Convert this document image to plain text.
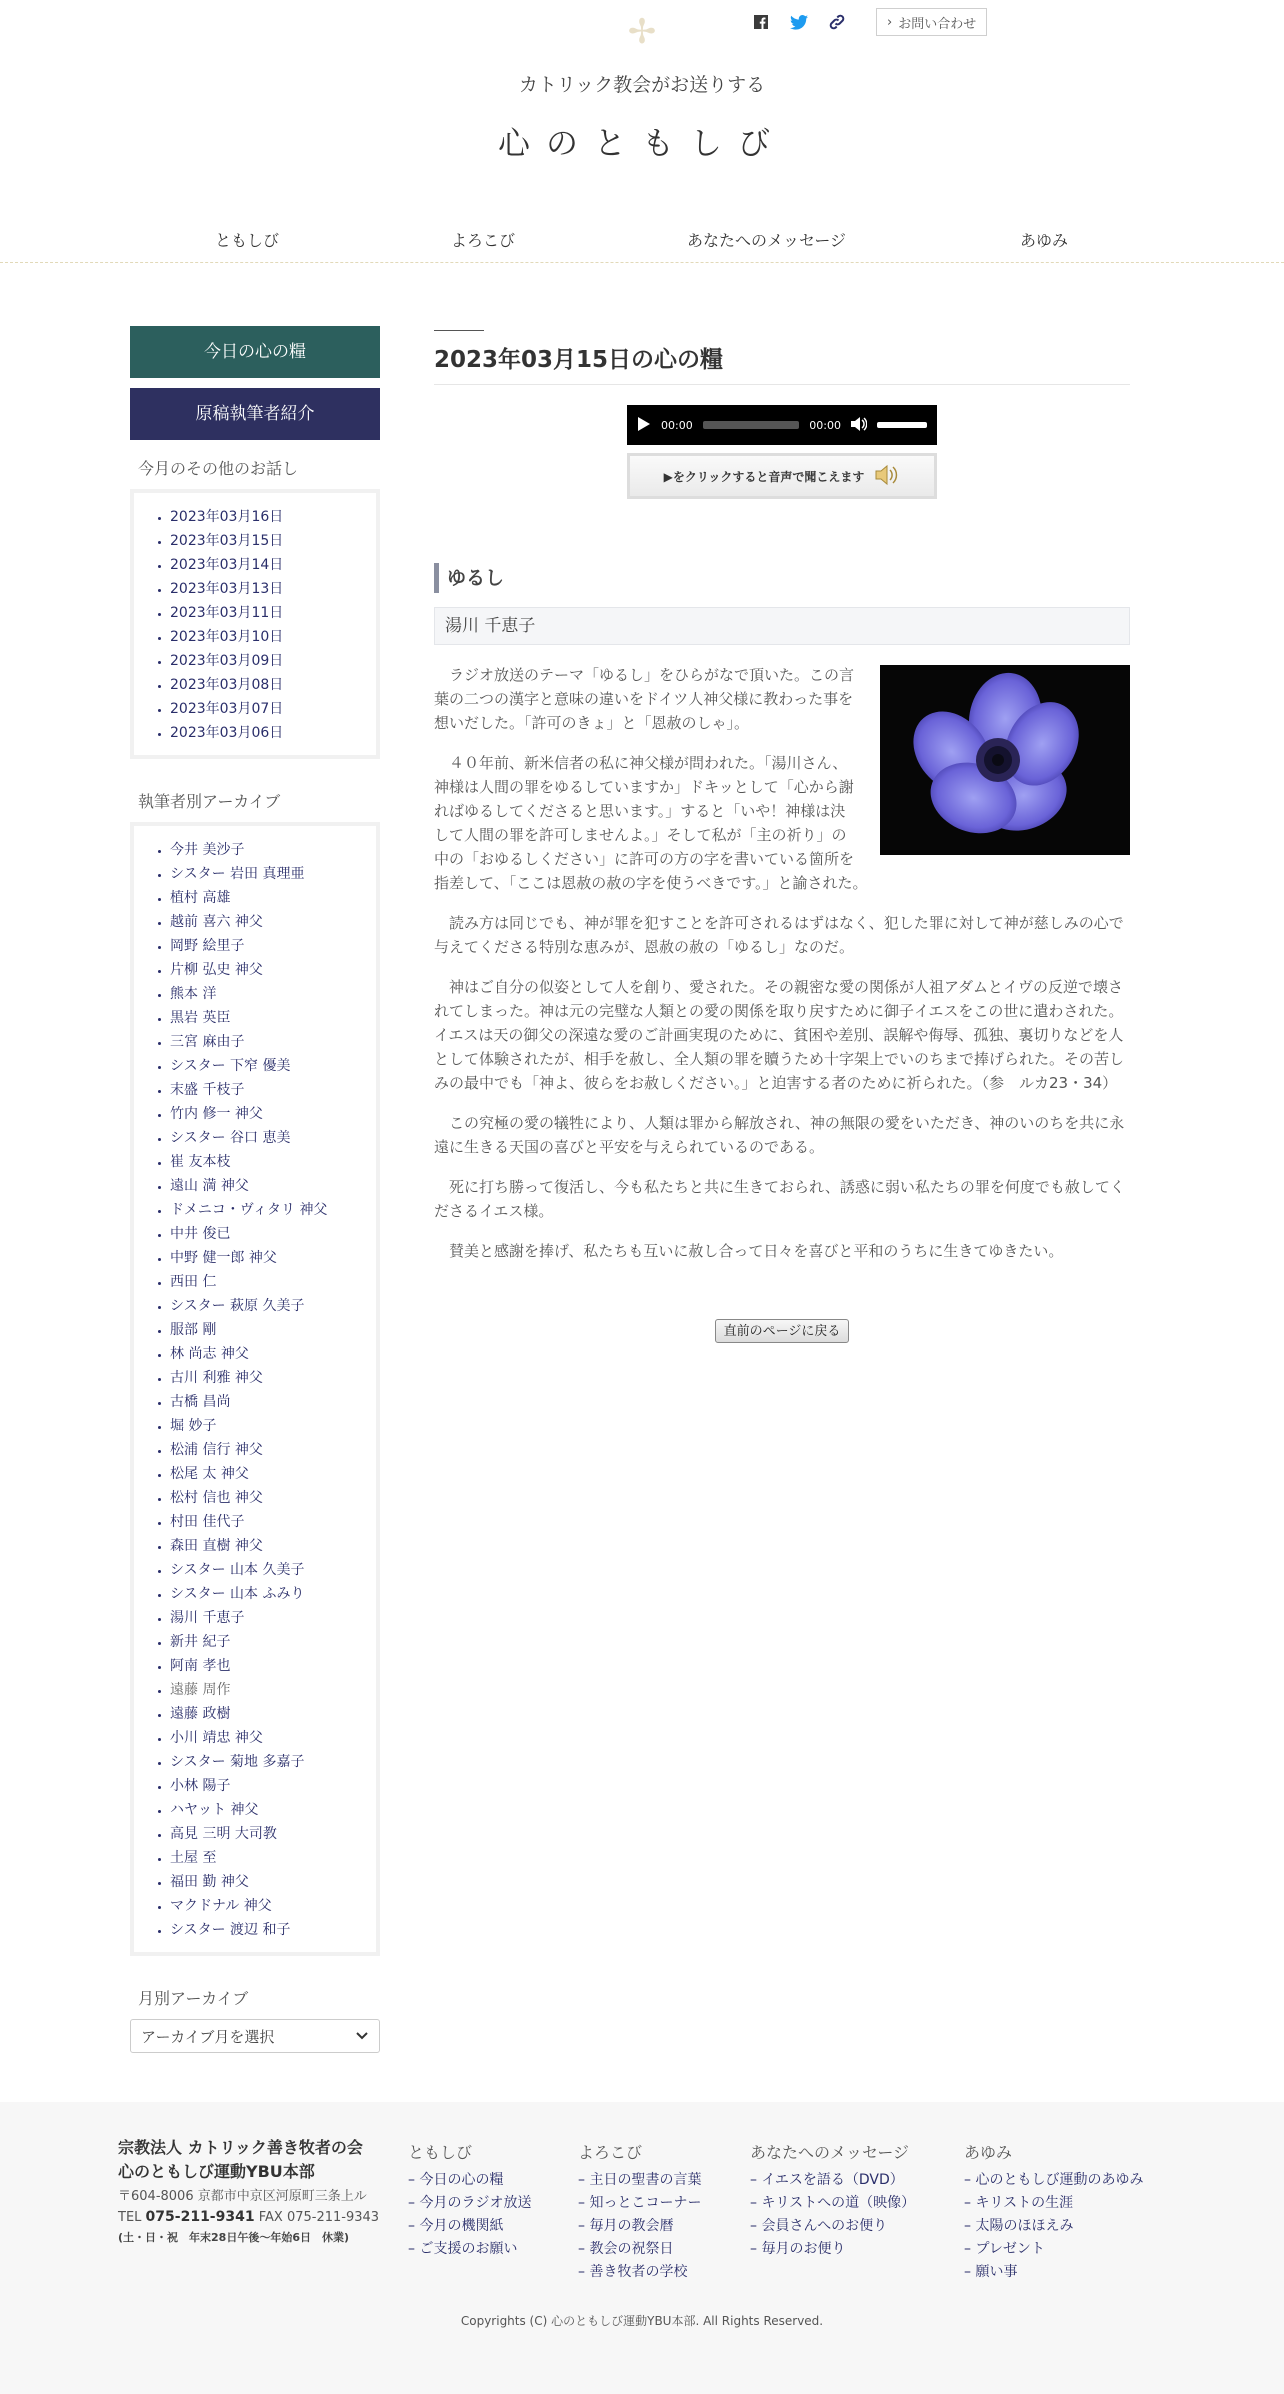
✢	› お問い合わせ
カトリック教会がお送りする
心のともしび
ともしび	よろこび	あなたへのメッセージ	あゆみ
今日の心の糧
原稿執筆者紹介
今月のその他のお話し
• 2023年03月16日
• 2023年03月15日
• 2023年03月14日
• 2023年03月13日
• 2023年03月11日
• 2023年03月10日
• 2023年03月09日
• 2023年03月08日
• 2023年03月07日
• 2023年03月06日
執筆者別アーカイブ
• 今井 美沙子
• シスター 岩田 真理亜
• 植村 高雄
• 越前 喜六 神父
• 岡野 絵里子
• 片柳 弘史 神父
• 熊本 洋
• 黒岩 英臣
• 三宮 麻由子
• シスター 下窄 優美
• 末盛 千枝子
• 竹内 修一 神父
• シスター 谷口 恵美
• 崔 友本枝
• 遠山 満 神父
• ドメニコ・ヴィタリ 神父
• 中井 俊已
• 中野 健一郎 神父
• 西田 仁
• シスター 萩原 久美子
• 服部 剛
• 林 尚志 神父
• 古川 利雅 神父
• 古橋 昌尚
• 堀 妙子
• 松浦 信行 神父
• 松尾 太 神父
• 松村 信也 神父
• 村田 佳代子
• 森田 直樹 神父
• シスター 山本 久美子
• シスター 山本 ふみり
• 湯川 千恵子
• 新井 紀子
• 阿南 孝也
• 遠藤 周作
• 遠藤 政樹
• 小川 靖忠 神父
• シスター 菊地 多嘉子
• 小林 陽子
• ハヤット 神父
• 高見 三明 大司教
• 土屋 至
• 福田 勤 神父
• マクドナル 神父
• シスター 渡辺 和子
月別アーカイブ
アーカイブ月を選択
2023年03月15日の心の糧
00:00	00:00
▶をクリックすると音声で聞こえます
ゆるし
湯川 千恵子

ラジオ放送のテーマ「ゆるし」をひらがなで頂いた。この言葉の二つの漢字と意味の違いをドイツ人神父様に教わった事を想いだした。「許可のきょ」と「恩赦のしゃ」。

４０年前、新米信者の私に神父様が問われた。「湯川さん、神様は人間の罪をゆるしていますか」ドキッとして「心から謝ればゆるしてくださると思います。」すると「いや！神様は決して人間の罪を許可しませんよ。」そして私が「主の祈り」の中の「おゆるしください」に許可の方の字を書いている箇所を指差して、「ここは恩赦の赦の字を使うべきです。」と諭された。

読み方は同じでも、神が罪を犯すことを許可されるはずはなく、犯した罪に対して神が慈しみの心で与えてくださる特別な恵みが、恩赦の赦の「ゆるし」なのだ。

神はご自分の似姿として人を創り、愛された。その親密な愛の関係が人祖アダムとイヴの反逆で壊されてしまった。神は元の完璧な人類との愛の関係を取り戻すために御子イエスをこの世に遣わされた。イエスは天の御父の深遠な愛のご計画実現のために、貧困や差別、誤解や侮辱、孤独、裏切りなどを人として体験されたが、相手を赦し、全人類の罪を贖うため十字架上でいのちまで捧げられた。その苦しみの最中でも「神よ、彼らをお赦しください。」と迫害する者のために祈られた。（参　ルカ23・34）

この究極の愛の犠牲により、人類は罪から解放され、神の無限の愛をいただき、神のいのちを共に永遠に生きる天国の喜びと平安を与えられているのである。

死に打ち勝って復活し、今も私たちと共に生きておられ、誘惑に弱い私たちの罪を何度でも赦してくださるイエス様。

賛美と感謝を捧げ、私たちも互いに赦し合って日々を喜びと平和のうちに生きてゆきたい。

直前のページに戻る
宗教法人 カトリック善き牧者の会
心のともしび運動YBU本部
〒604-8006 京都市中京区河原町三条上ル
TEL 075-211-9341 FAX 075-211-9343
(土・日・祝　年末28日午後〜年始6日　休業)
ともしび
– 今日の心の糧
– 今月のラジオ放送
– 今月の機関紙
– ご支援のお願い
よろこび
– 主日の聖書の言葉
– 知っとこコーナー
– 毎月の教会暦
– 教会の祝祭日
– 善き牧者の学校
あなたへのメッセージ
– イエスを語る（DVD）
– キリストへの道（映像）
– 会員さんへのお便り
– 毎月のお便り
あゆみ
– 心のともしび運動のあゆみ
– キリストの生涯
– 太陽のほほえみ
– プレゼント
– 願い事
Copyrights (C) 心のともしび運動YBU本部. All Rights Reserved.
